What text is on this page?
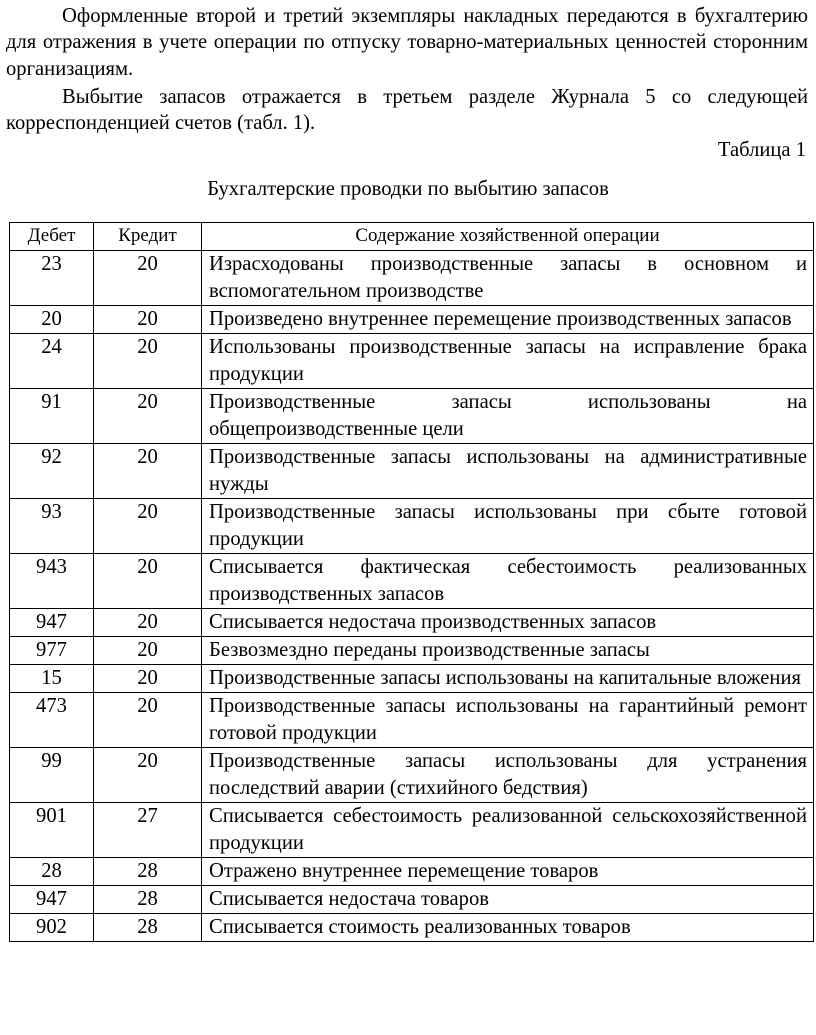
Оформленные второй и третий экземпляры накладных передаются в бухгалтерию для отражения в учете операции по отпуску товарно-материальных ценностей сторонним организациям.

Выбытие запасов отражается в третьем разделе Журнала 5 со следующей корреспонденцией счетов (табл. 1).

Таблица 1
Бухгалтерские проводки по выбытию запасов
Дебет	Кредит	Содержание хозяйственной операции
23	20	Израсходованы производственные запасы в основном и вспомогательном производстве
20	20	Произведено внутреннее перемещение производственных запасов
24	20	Использованы производственные запасы на исправление брака продукции
91	20	Производственные запасы использованы на общепроизводственные цели
92	20	Производственные запасы использованы на административные нужды
93	20	Производственные запасы использованы при сбыте готовой продукции
943	20	Списывается фактическая себестоимость реализованных производственных запасов
947	20	Списывается недостача производственных запасов
977	20	Безвозмездно переданы производственные запасы
15	20	Производственные запасы использованы на капитальные вложения
473	20	Производственные запасы использованы на гарантийный ремонт готовой продукции
99	20	Производственные запасы использованы для устранения последствий аварии (стихийного бедствия)
901	27	Списывается себестоимость реализованной сельскохозяйственной продукции
28	28	Отражено внутреннее перемещение товаров
947	28	Списывается недостача товаров
902	28	Списывается стоимость реализованных товаров
